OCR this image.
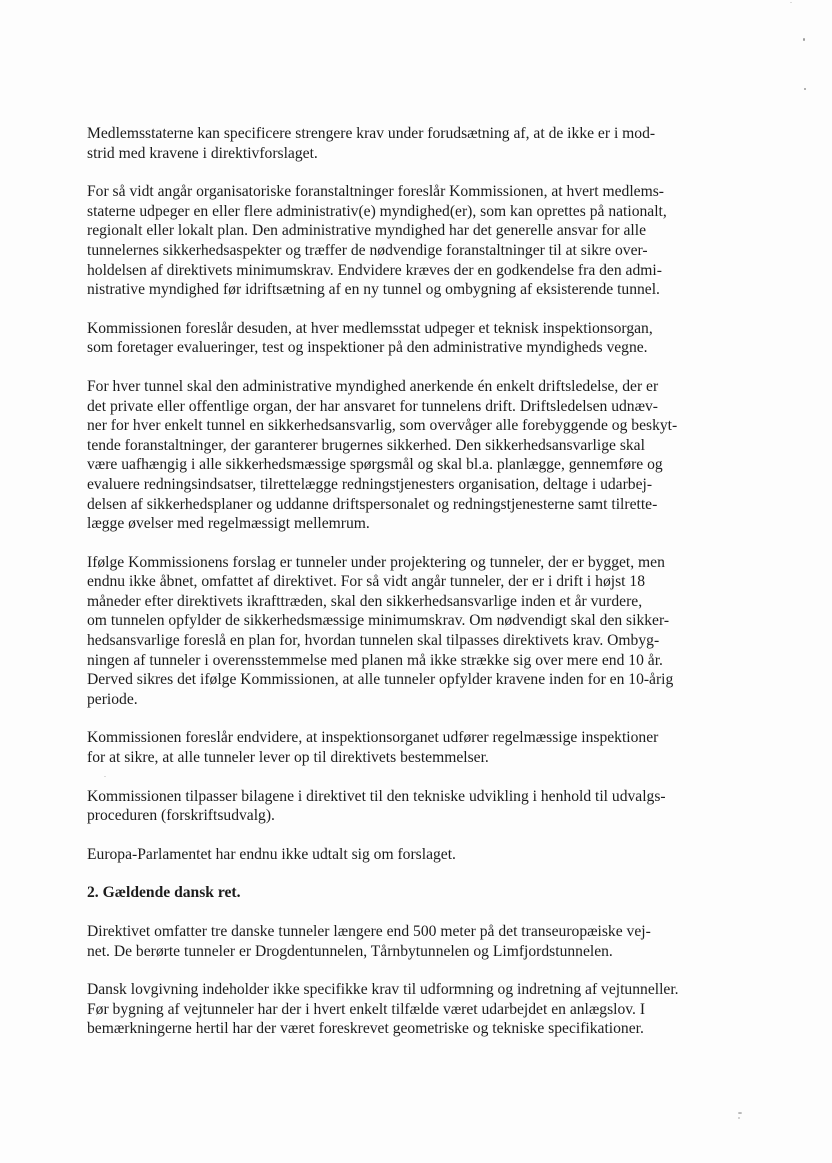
Medlemsstaterne kan specificere strengere krav under forudsætning af, at de ikke er i mod-
strid med kravene i direktivforslaget.
For så vidt angår organisatoriske foranstaltninger foreslår Kommissionen, at hvert medlems-
staterne udpeger en eller flere administrativ(e) myndighed(er), som kan oprettes på nationalt,
regionalt eller lokalt plan. Den administrative myndighed har det generelle ansvar for alle
tunnelernes sikkerhedsaspekter og træffer de nødvendige foranstaltninger til at sikre over-
holdelsen af direktivets minimumskrav. Endvidere kræves der en godkendelse fra den admi-
nistrative myndighed før idriftsætning af en ny tunnel og ombygning af eksisterende tunnel.
Kommissionen foreslår desuden, at hver medlemsstat udpeger et teknisk inspektionsorgan,
som foretager evalueringer, test og inspektioner på den administrative myndigheds vegne.
For hver tunnel skal den administrative myndighed anerkende én enkelt driftsledelse, der er
det private eller offentlige organ, der har ansvaret for tunnelens drift. Driftsledelsen udnæv-
ner for hver enkelt tunnel en sikkerhedsansvarlig, som overvåger alle forebyggende og beskyt-
tende foranstaltninger, der garanterer brugernes sikkerhed. Den sikkerhedsansvarlige skal
være uafhængig i alle sikkerhedsmæssige spørgsmål og skal bl.a. planlægge, gennemføre og
evaluere redningsindsatser, tilrettelægge redningstjenesters organisation, deltage i udarbej-
delsen af sikkerhedsplaner og uddanne driftspersonalet og redningstjenesterne samt tilrette-
lægge øvelser med regelmæssigt mellemrum.
Ifølge Kommissionens forslag er tunneler under projektering og tunneler, der er bygget, men
endnu ikke åbnet, omfattet af direktivet. For så vidt angår tunneler, der er i drift i højst 18
måneder efter direktivets ikrafttræden, skal den sikkerhedsansvarlige inden et år vurdere,
om tunnelen opfylder de sikkerhedsmæssige minimumskrav. Om nødvendigt skal den sikker-
hedsansvarlige foreslå en plan for, hvordan tunnelen skal tilpasses direktivets krav. Ombyg-
ningen af tunneler i overensstemmelse med planen må ikke strække sig over mere end 10 år.
Derved sikres det ifølge Kommissionen, at alle tunneler opfylder kravene inden for en 10-årig
periode.
Kommissionen foreslår endvidere, at inspektionsorganet udfører regelmæssige inspektioner
for at sikre, at alle tunneler lever op til direktivets bestemmelser.
Kommissionen tilpasser bilagene i direktivet til den tekniske udvikling i henhold til udvalgs-
proceduren (forskriftsudvalg).
Europa-Parlamentet har endnu ikke udtalt sig om forslaget.
2. Gældende dansk ret.
Direktivet omfatter tre danske tunneler længere end 500 meter på det transeuropæiske vej-
net. De berørte tunneler er Drogdentunnelen, Tårnbytunnelen og Limfjordstunnelen.
Dansk lovgivning indeholder ikke specifikke krav til udformning og indretning af vejtunneller.
Før bygning af vejtunneler har der i hvert enkelt tilfælde været udarbejdet en anlægslov. I
bemærkningerne hertil har der været foreskrevet geometriske og tekniske specifikationer.
